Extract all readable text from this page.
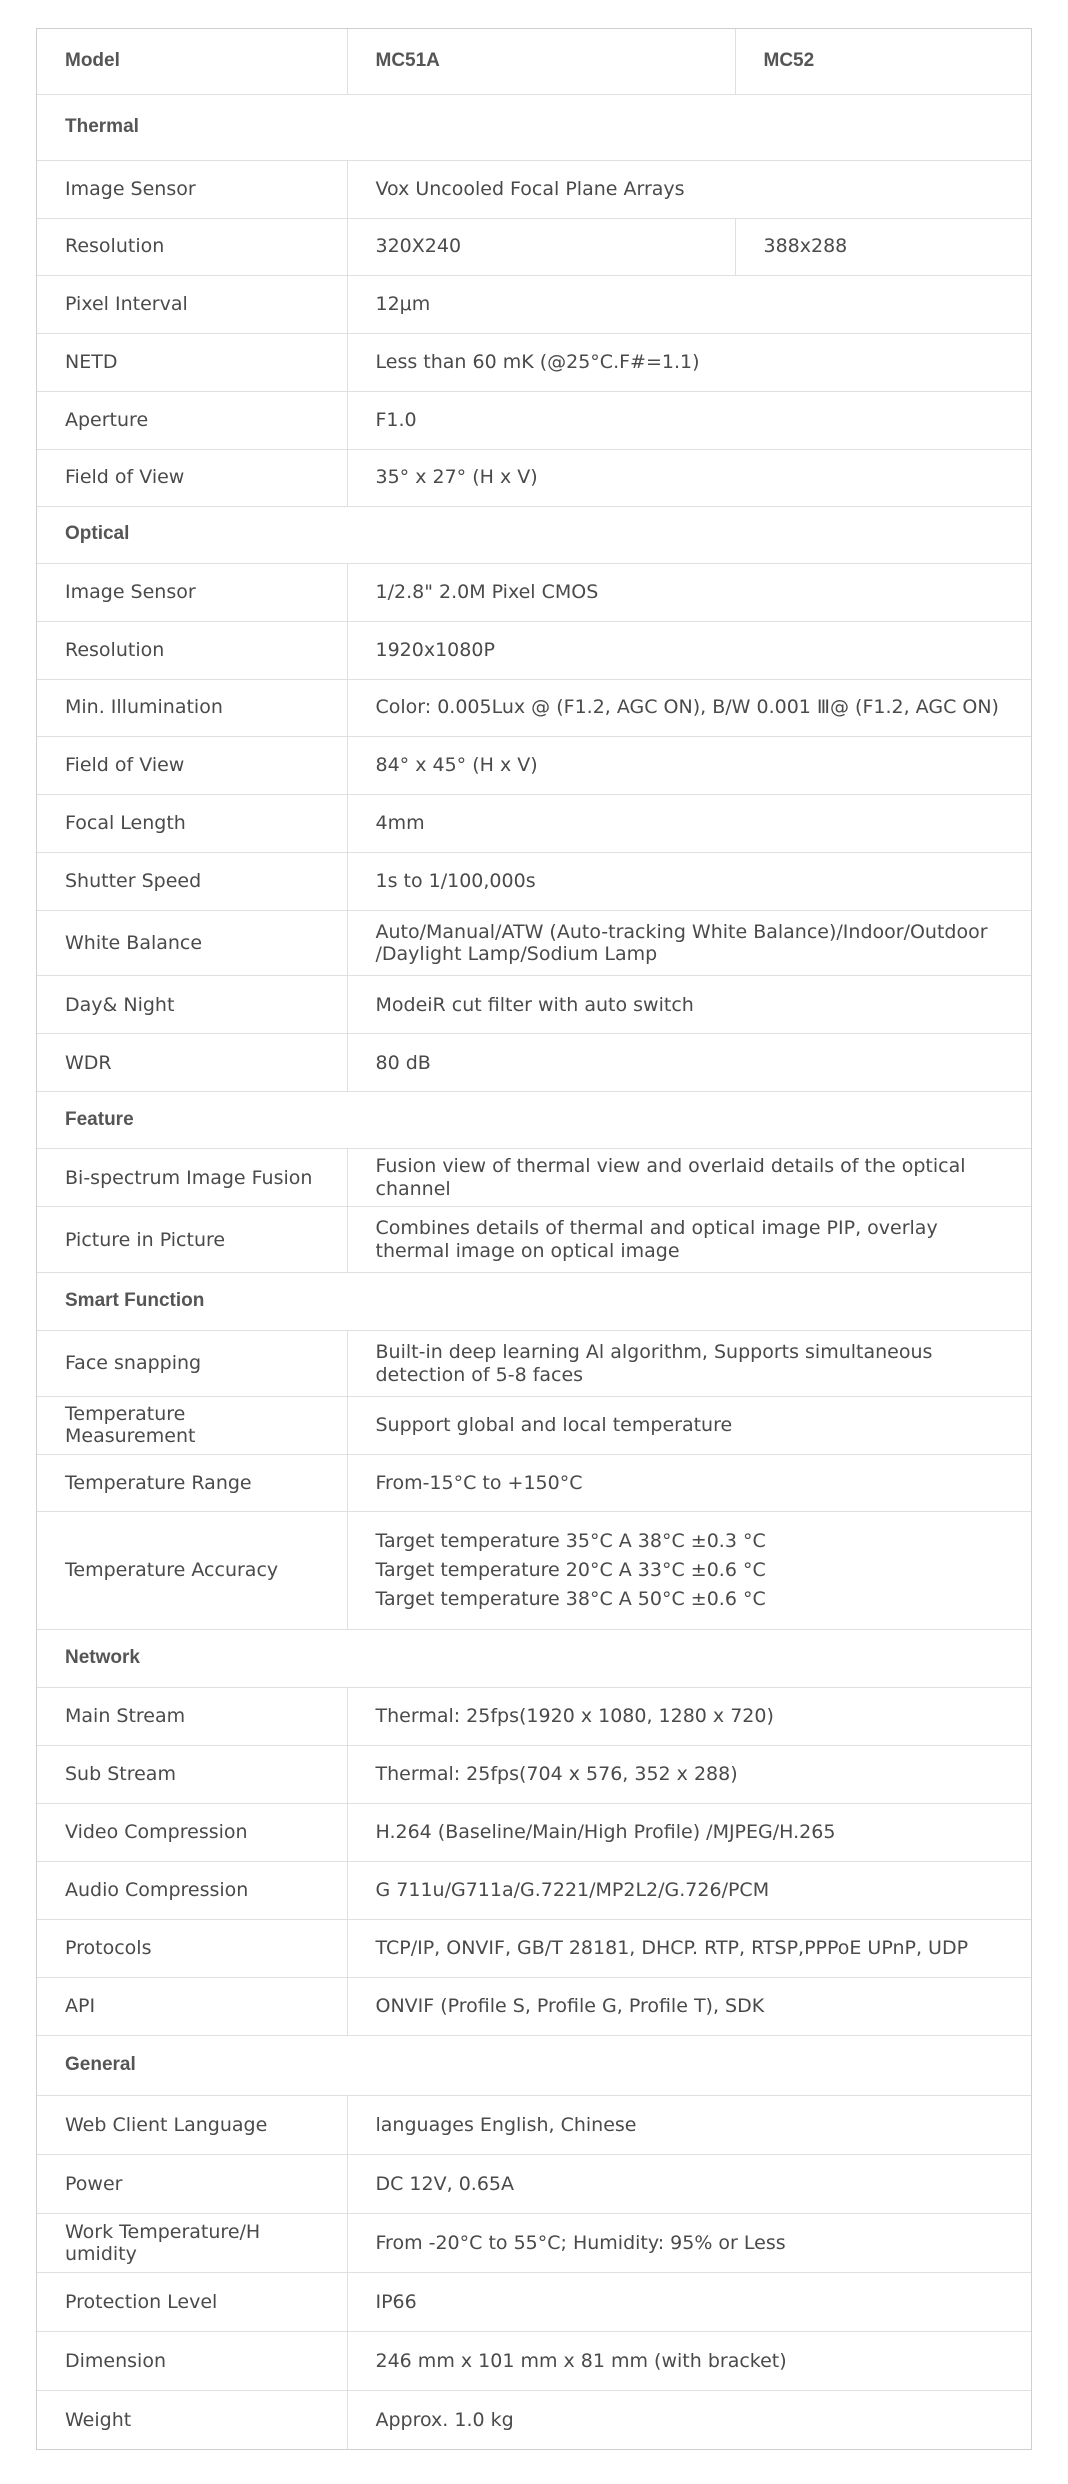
Model	MC51A	MC52
Thermal		
Image Sensor	Vox Uncooled Focal Plane Arrays	
Resolution	320X240	388x288
Pixel Interval	12μm	
NETD	Less than 60 mK (@25°C.F#=1.1)	
Aperture	F1.0	
Field of View	35° x 27° (H x V)	
Optical		
Image Sensor	1/2.8" 2.0M Pixel CMOS	
Resolution	1920x1080P	
Min. Illumination	Color: 0.005Lux @ (F1.2, AGC ON), B/W 0.001 Ⅲ@ (F1.2, AGC ON)	
Field of View	84° x 45° (H x V)	
Focal Length	4mm	
Shutter Speed	1s to 1/100,000s	
White Balance	Auto/Manual/ATW (Auto-tracking White Balance)/Indoor/Outdoor /Daylight Lamp/Sodium Lamp	
Day& Night	ModeiR cut filter with auto switch	
WDR	80 dB	
Feature		
Bi-spectrum Image Fusion	Fusion view of thermal view and overlaid details of the optical channel	
Picture in Picture	Combines details of thermal and optical image PIP, overlay thermal image on optical image	
Smart Function		
Face snapping	Built-in deep learning Al algorithm, Supports simultaneous detection of 5-8 faces	
Temperature Measurement	Support global and local temperature	
Temperature Range	From-15°C to +150°C	
Temperature Accuracy	Target temperature 35°C A 38°C ±0.3 °C
Target temperature 20°C A 33°C ±0.6 °C
Target temperature 38°C A 50°C ±0.6 °C	

Network		
Main Stream	Thermal: 25fps(1920 x 1080, 1280 x 720)	
Sub Stream	Thermal: 25fps(704 x 576, 352 x 288)	
Video Compression	H.264 (Baseline/Main/High Profile) /MJPEG/H.265	
Audio Compression	G 711u/G711a/G.7221/MP2L2/G.726/PCM	
Protocols	TCP/IP, ONVIF, GB/T 28181, DHCP. RTP, RTSP,PPPoE UPnP, UDP	
API	ONVIF (Profile S, Profile G, Profile T), SDK	
General		
Web Client Language	languages English, Chinese	
Power	DC 12V, 0.65A	
Work Temperature/H umidity	From -20°C to 55°C; Humidity: 95% or Less	
Protection Level	IP66	
Dimension	246 mm x 101 mm x 81 mm (with bracket)	
Weight	Approx. 1.0 kg	
